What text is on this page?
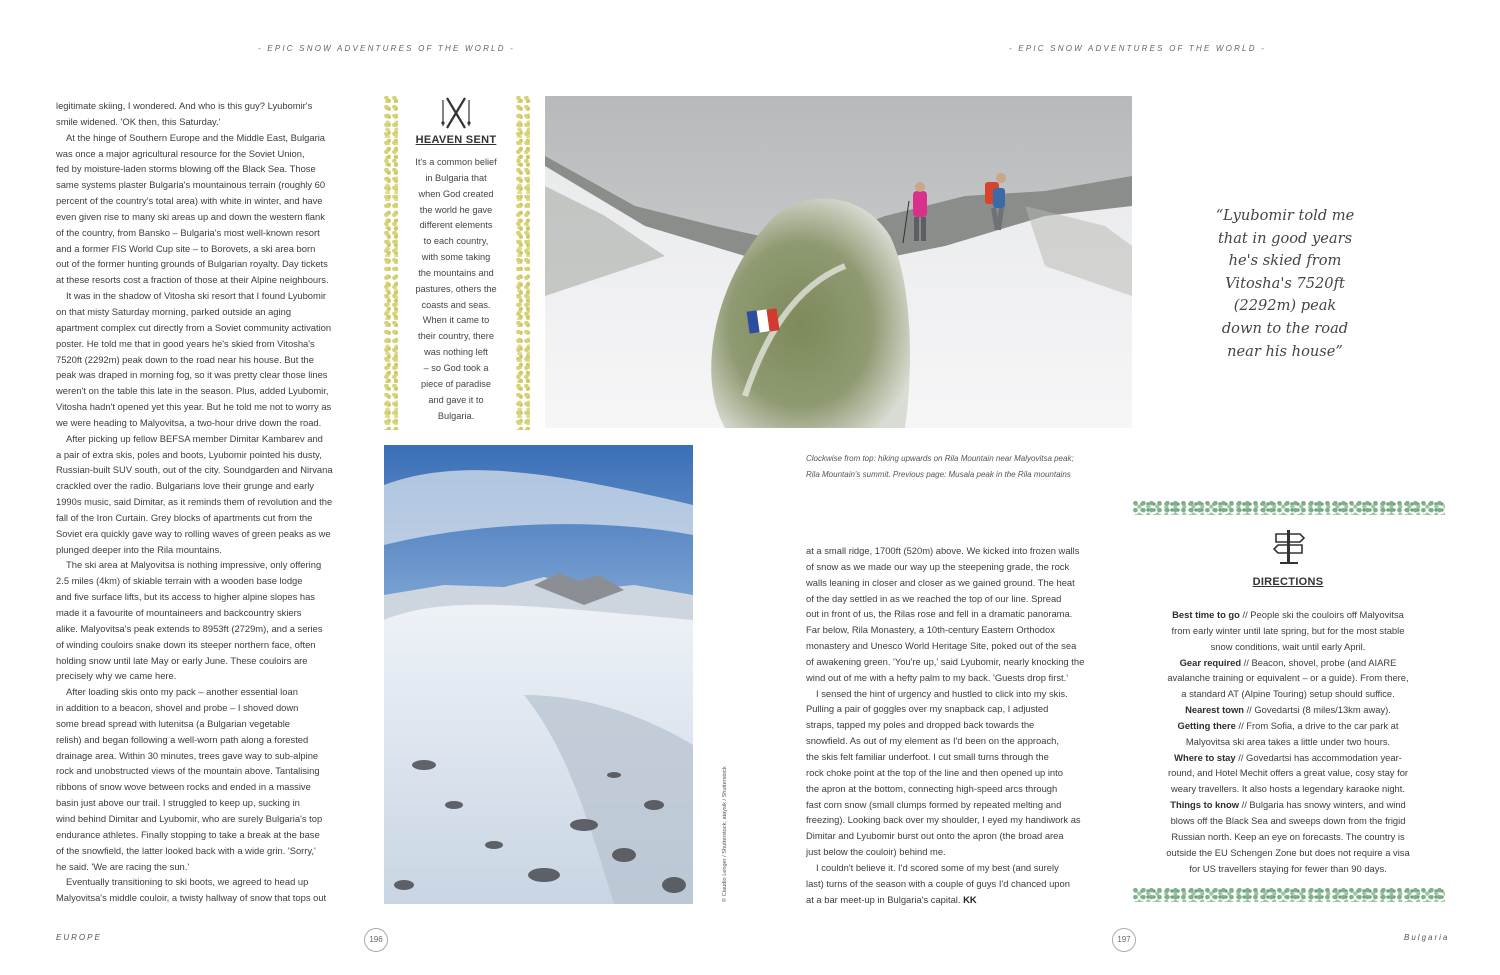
- EPIC SNOW ADVENTURES OF THE WORLD -	- EPIC SNOW ADVENTURES OF THE WORLD -

legitimate skiing, I wondered. And who is this guy? Lyubomir's
smile widened. 'OK then, this Saturday.'

At the hinge of Southern Europe and the Middle East, Bulgaria
was once a major agricultural resource for the Soviet Union,
fed by moisture-laden storms blowing off the Black Sea. Those
same systems plaster Bulgaria's mountainous terrain (roughly 60
percent of the country's total area) with white in winter, and have
even given rise to many ski areas up and down the western flank
of the country, from Bansko – Bulgaria's most well-known resort
and a former FIS World Cup site – to Borovets, a ski area born
out of the former hunting grounds of Bulgarian royalty. Day tickets
at these resorts cost a fraction of those at their Alpine neighbours.

It was in the shadow of Vitosha ski resort that I found Lyubomir
on that misty Saturday morning, parked outside an aging
apartment complex cut directly from a Soviet community activation
poster. He told me that in good years he's skied from Vitosha's
7520ft (2292m) peak down to the road near his house. But the
peak was draped in morning fog, so it was pretty clear those lines
weren't on the table this late in the season. Plus, added Lyubomir,
Vitosha hadn't opened yet this year. But he told me not to worry as
we were heading to Malyovitsa, a two-hour drive down the road.

After picking up fellow BEFSA member Dimitar Kambarev and
a pair of extra skis, poles and boots, Lyubomir pointed his dusty,
Russian-built SUV south, out of the city. Soundgarden and Nirvana
crackled over the radio. Bulgarians love their grunge and early
1990s music, said Dimitar, as it reminds them of revolution and the
fall of the Iron Curtain. Grey blocks of apartments cut from the
Soviet era quickly gave way to rolling waves of green peaks as we
plunged deeper into the Rila mountains.

The ski area at Malyovitsa is nothing impressive, only offering
2.5 miles (4km) of skiable terrain with a wooden base lodge
and five surface lifts, but its access to higher alpine slopes has
made it a favourite of mountaineers and backcountry skiers
alike. Malyovitsa's peak extends to 8953ft (2729m), and a series
of winding couloirs snake down its steeper northern face, often
holding snow until late May or early June. These couloirs are
precisely why we came here.

After loading skis onto my pack – another essential loan
in addition to a beacon, shovel and probe – I shoved down
some bread spread with lutenitsa (a Bulgarian vegetable
relish) and began following a well-worn path along a forested
drainage area. Within 30 minutes, trees gave way to sub-alpine
rock and unobstructed views of the mountain above. Tantalising
ribbons of snow wove between rocks and ended in a massive
basin just above our trail. I struggled to keep up, sucking in
wind behind Dimitar and Lyubomir, who are surely Bulgaria's top
endurance athletes. Finally stopping to take a break at the base
of the snowfield, the latter looked back with a wide grin. 'Sorry,'
he said. 'We are racing the sun.'

Eventually transitioning to ski boots, we agreed to head up
Malyovitsa's middle couloir, a twisty hallway of snow that tops out

HEAVEN SENT
It's a common belief
in Bulgaria that
when God created
the world he gave
different elements
to each country,
with some taking
the mountains and
pastures, others the
coasts and seas.
When it came to
their country, there
was nothing left
– so God took a
piece of paradise
and gave it to
Bulgaria.
“Lyubomir told me
that in good years
he's skied from
Vitosha's 7520ft
(2292m) peak
down to the road
near his house”
© Claudio Lenger / Shutterstock; ataysik / Shutterstock
Clockwise from top: hiking upwards on Rila Mountain near Malyovitsa peak;
Rila Mountain's summit. Previous page: Musala peak in the Rila mountains

at a small ridge, 1700ft (520m) above. We kicked into frozen walls
of snow as we made our way up the steepening grade, the rock
walls leaning in closer and closer as we gained ground. The heat
of the day settled in as we reached the top of our line. Spread
out in front of us, the Rilas rose and fell in a dramatic panorama.
Far below, Rila Monastery, a 10th-century Eastern Orthodox
monastery and Unesco World Heritage Site, poked out of the sea
of awakening green. 'You're up,' said Lyubomir, nearly knocking the
wind out of me with a hefty palm to my back. 'Guests drop first.'

I sensed the hint of urgency and hustled to click into my skis.
Pulling a pair of goggles over my snapback cap, I adjusted
straps, tapped my poles and dropped back towards the
snowfield. As out of my element as I'd been on the approach,
the skis felt familiar underfoot. I cut small turns through the
rock choke point at the top of the line and then opened up into
the apron at the bottom, connecting high-speed arcs through
fast corn snow (small clumps formed by repeated melting and
freezing). Looking back over my shoulder, I eyed my handiwork as
Dimitar and Lyubomir burst out onto the apron (the broad area
just below the couloir) behind me.

I couldn't believe it. I'd scored some of my best (and surely
last) turns of the season with a couple of guys I'd chanced upon
at a bar meet-up in Bulgaria's capital. KK

DIRECTIONS
Best time to go // People ski the couloirs off Malyovitsa
from early winter until late spring, but for the most stable
snow conditions, wait until early April.
Gear required // Beacon, shovel, probe (and AIARE
avalanche training or equivalent – or a guide). From there,
a standard AT (Alpine Touring) setup should suffice.
Nearest town // Govedartsi (8 miles/13km away).
Getting there // From Sofia, a drive to the car park at
Malyovitsa ski area takes a little under two hours.
Where to stay // Govedartsi has accommodation year-
round, and Hotel Mechit offers a great value, cosy stay for
weary travellers. It also hosts a legendary karaoke night.
Things to know // Bulgaria has snowy winters, and wind
blows off the Black Sea and sweeps down from the frigid
Russian north. Keep an eye on forecasts. The country is
outside the EU Schengen Zone but does not require a visa
for US travellers staying for fewer than 90 days.
EUROPE	196	197	Bulgaria
